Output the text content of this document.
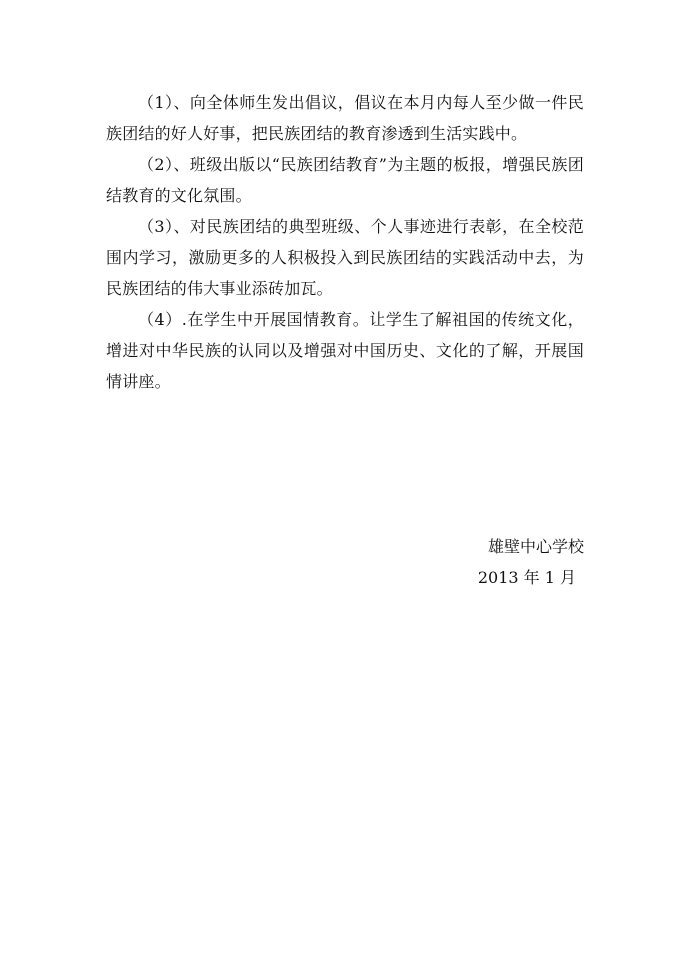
（1）、向全体师生发出倡议，倡议在本月内每人至少做一件民族团结的好人好事，把民族团结的教育渗透到生活实践中。

（2）、班级出版以“民族团结教育”为主题的板报，增强民族团结教育的文化氛围。

（3）、对民族团结的典型班级、个人事迹进行表彰，在全校范围内学习，激励更多的人积极投入到民族团结的实践活动中去，为民族团结的伟大事业添砖加瓦。

（4）.在学生中开展国情教育。让学生了解祖国的传统文化，增进对中华民族的认同以及增强对中国历史、文化的了解，开展国情讲座。

雄壁中心学校
2013 年 1 月
